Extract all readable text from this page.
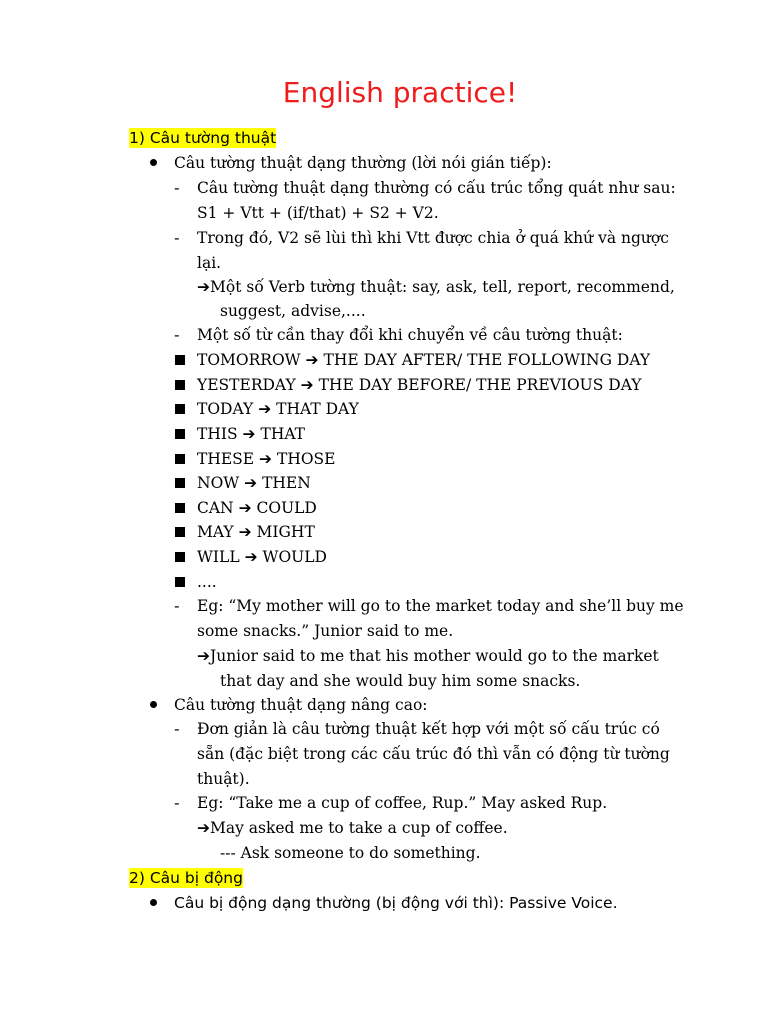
English practice!
1) Câu tường thuật
Câu tường thuật dạng thường (lời nói gián tiếp):
- Câu tường thuật dạng thường có cấu trúc tổng quát như sau:
S1 + Vtt + (if/that) + S2 + V2.
- Trong đó, V2 sẽ lùi thì khi Vtt được chia ở quá khứ và ngược
lại.
➔Một số Verb tường thuật: say, ask, tell, report, recommend,
suggest, advise,....
- Một số từ cần thay đổi khi chuyển về câu tường thuật:
TOMORROW ➔ THE DAY AFTER/ THE FOLLOWING DAY
YESTERDAY ➔ THE DAY BEFORE/ THE PREVIOUS DAY
TODAY ➔ THAT DAY
THIS ➔ THAT
THESE ➔ THOSE
NOW ➔ THEN
CAN ➔ COULD
MAY ➔ MIGHT
WILL ➔ WOULD
....
- Eg: “My mother will go to the market today and she’ll buy me
some snacks.” Junior said to me.
➔Junior said to me that his mother would go to the market
that day and she would buy him some snacks.
Câu tường thuật dạng nâng cao:
- Đơn giản là câu tường thuật kết hợp với một số cấu trúc có
sẵn (đặc biệt trong các cấu trúc đó thì vẫn có động từ tường
thuật).
- Eg: “Take me a cup of coffee, Rup.” May asked Rup.
➔May asked me to take a cup of coffee.
--- Ask someone to do something.
2) Câu bị động
Câu bị động dạng thường (bị động với thì): Passive Voice.
